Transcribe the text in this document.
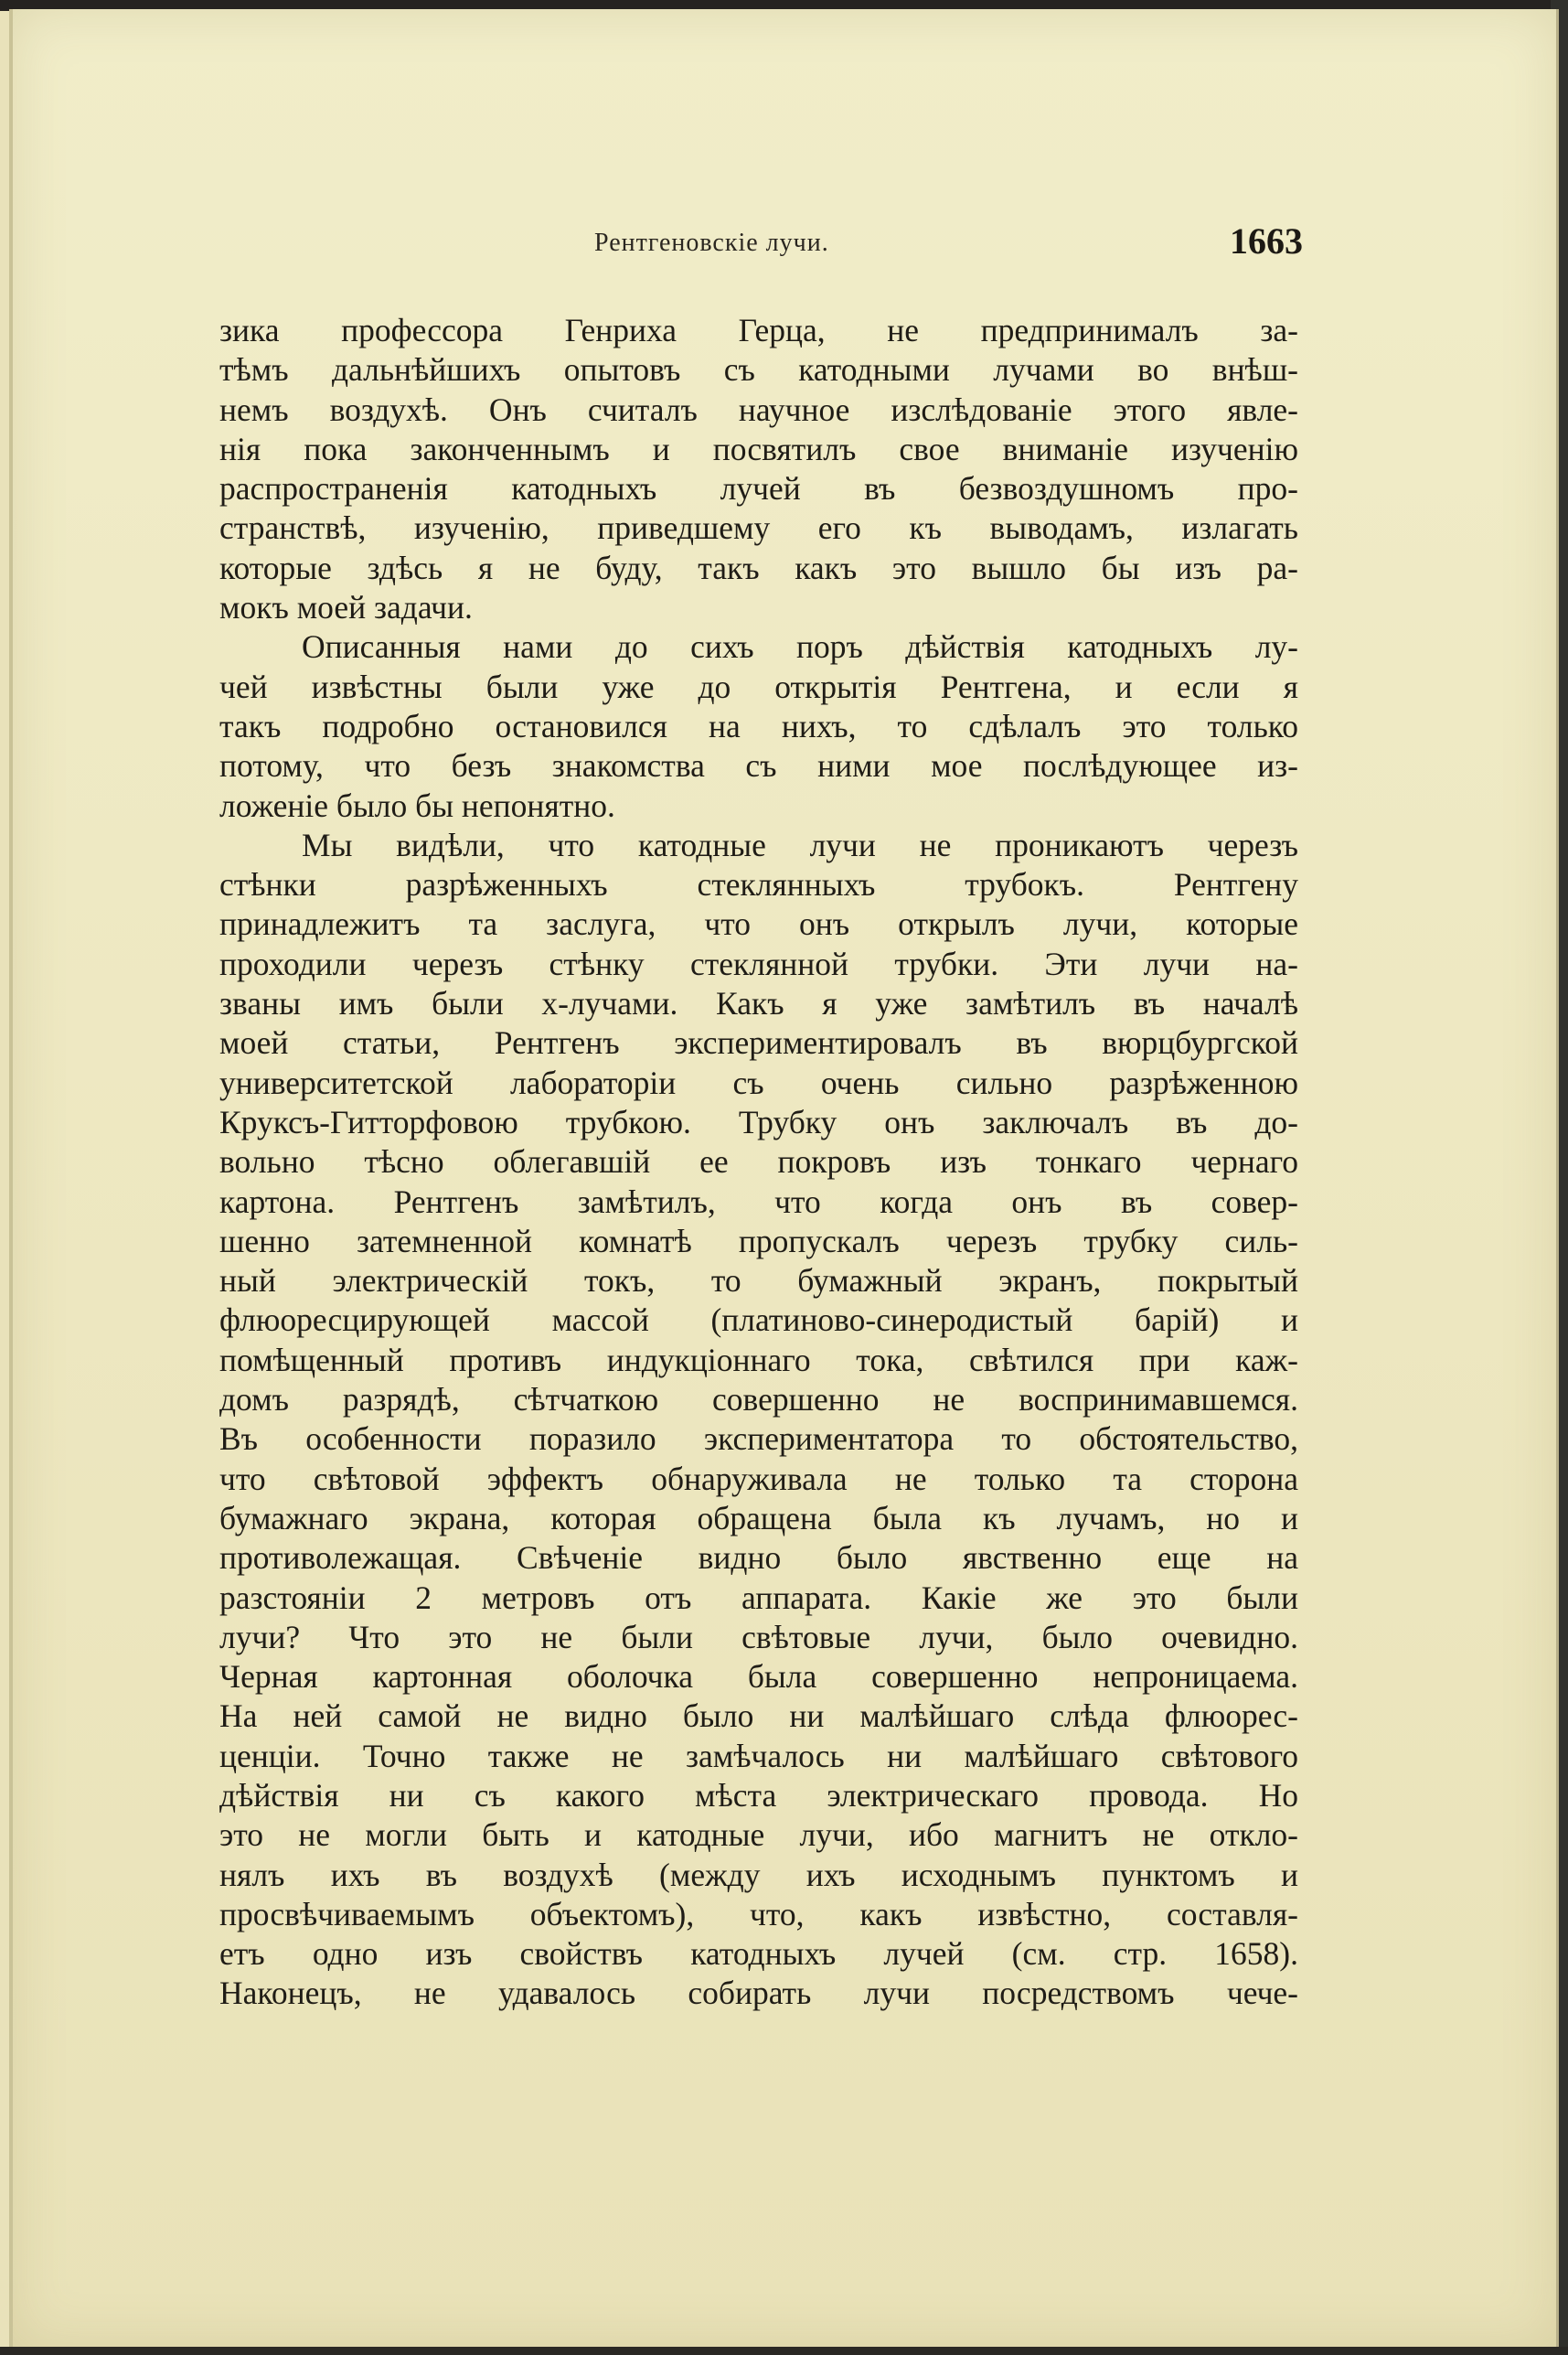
Рентгеновскіе лучи.	1663
зика профессора Генриха Герца, не предпринималъ за-
тѣмъ дальнѣйшихъ опытовъ съ катодными лучами во внѣш-
немъ воздухѣ. Онъ считалъ научное изслѣдованіе этого явле-
нія пока законченнымъ и посвятилъ свое вниманіе изученію
распространенія катодныхъ лучей въ безвоздушномъ про-
странствѣ, изученію, приведшему его къ выводамъ, излагать
которые здѣсь я не буду, такъ какъ это вышло бы изъ ра-
мокъ моей задачи.
Описанныя нами до сихъ поръ дѣйствія катодныхъ лу-
чей извѣстны были уже до открытія Рентгена, и если я
такъ подробно остановился на нихъ, то сдѣлалъ это только
потому, что безъ знакомства съ ними мое послѣдующее из-
ложеніе было бы непонятно.
Мы видѣли, что катодные лучи не проникаютъ черезъ
стѣнки разрѣженныхъ стеклянныхъ трубокъ. Рентгену
принадлежитъ та заслуга, что онъ открылъ лучи, которые
проходили черезъ стѣнку стеклянной трубки. Эти лучи на-
званы имъ были x-лучами. Какъ я уже замѣтилъ въ началѣ
моей статьи, Рентгенъ экспериментировалъ въ вюрцбургской
университетской лабораторіи съ очень сильно разрѣженною
Круксъ-Гитторфовою трубкою. Трубку онъ заключалъ въ до-
вольно тѣсно облегавшій ее покровъ изъ тонкаго чернаго
картона. Рентгенъ замѣтилъ, что когда онъ въ совер-
шенно затемненной комнатѣ пропускалъ черезъ трубку силь-
ный электрическій токъ, то бумажный экранъ, покрытый
флюоресцирующей массой (платиново-синеродистый барій) и
помѣщенный противъ индукціоннаго тока, свѣтился при каж-
домъ разрядѣ, сѣтчаткою совершенно не воспринимавшемся.
Въ особенности поразило экспериментатора то обстоятельство,
что свѣтовой эффектъ обнаруживала не только та сторона
бумажнаго экрана, которая обращена была къ лучамъ, но и
противолежащая. Свѣченіе видно было явственно еще на
разстояніи 2 метровъ отъ аппарата. Какіе же это были
лучи? Что это не были свѣтовые лучи, было очевидно.
Черная картонная оболочка была совершенно непроницаема.
На ней самой не видно было ни малѣйшаго слѣда флюорес-
ценціи. Точно также не замѣчалось ни малѣйшаго свѣтового
дѣйствія ни съ какого мѣста электрическаго провода. Но
это не могли быть и катодные лучи, ибо магнитъ не откло-
нялъ ихъ въ воздухѣ (между ихъ исходнымъ пунктомъ и
просвѣчиваемымъ объектомъ), что, какъ извѣстно, составля-
етъ одно изъ свойствъ катодныхъ лучей (см. стр. 1658).
Наконецъ, не удавалось собирать лучи посредствомъ чече-
